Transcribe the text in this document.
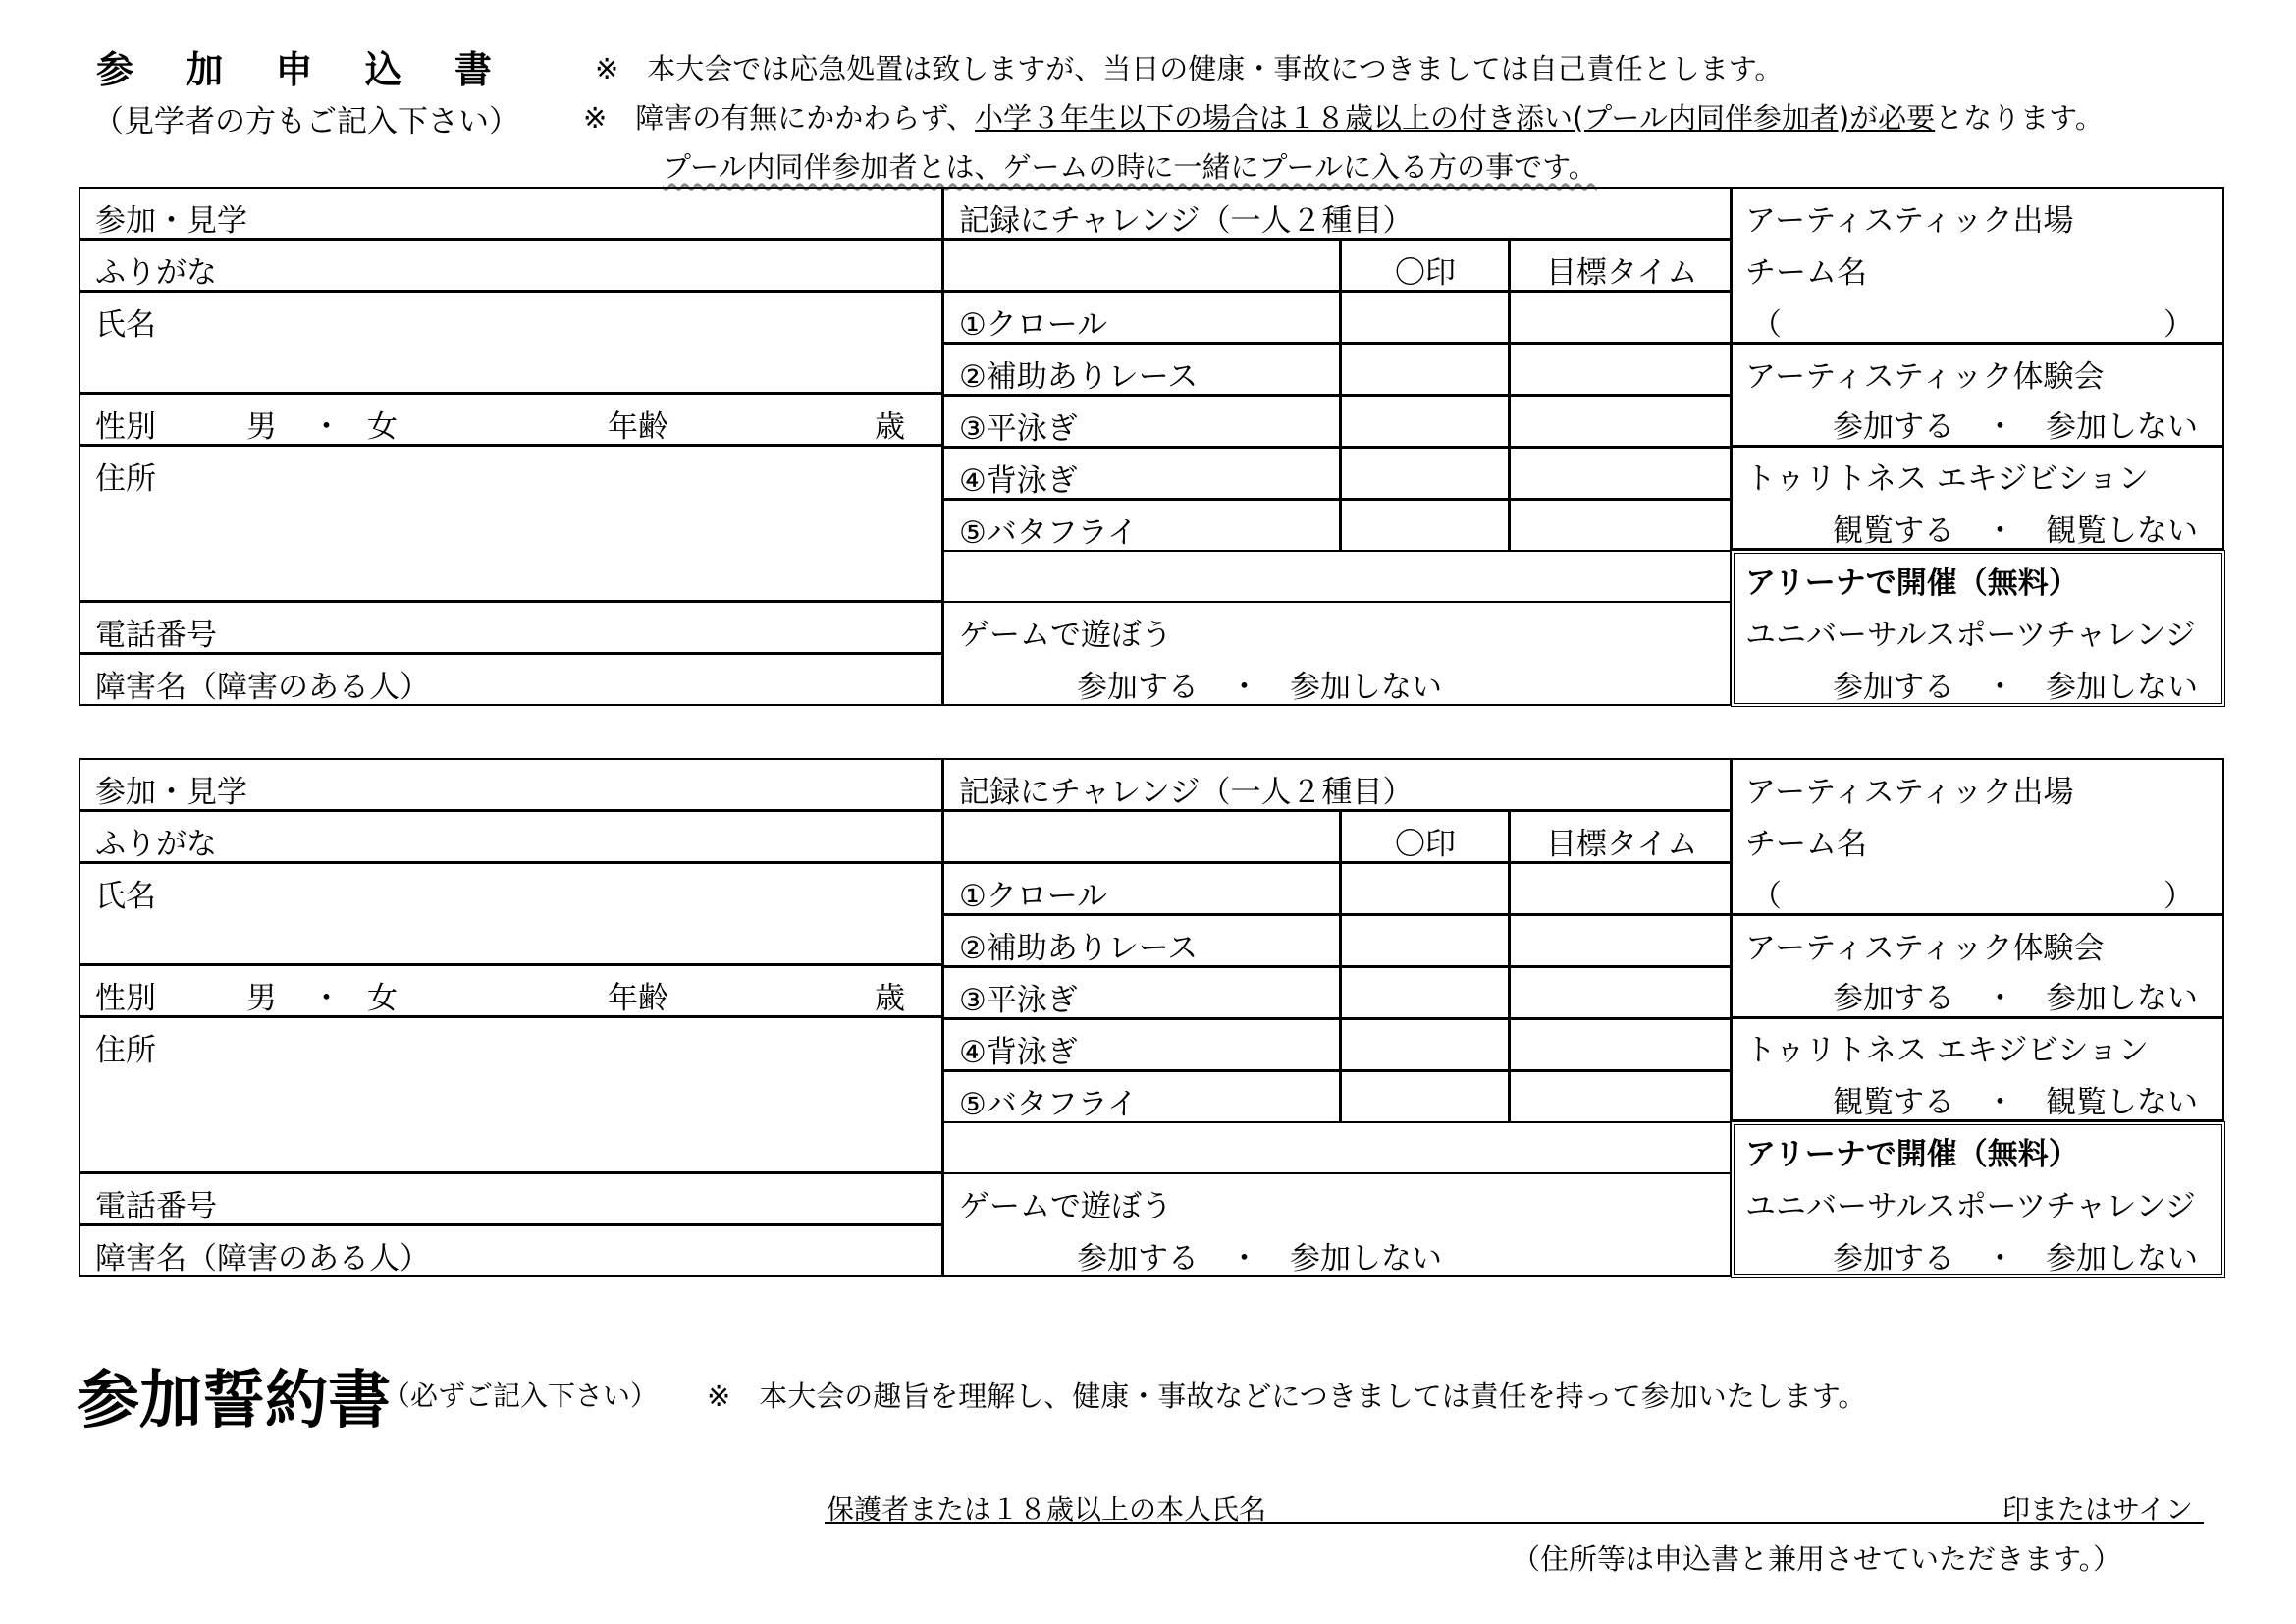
参 加 申 込 書
（見学者の方もご記入下さい）
※　本大会では応急処置は致しますが、当日の健康・事故につきましては自己責任とします。
※　障害の有無にかかわらず、小学３年生以下の場合は１８歳以上の付き添い(プール内同伴参加者)が必要となります。
プール内同伴参加者とは、ゲームの時に一緒にプールに入る方の事です。
参加・見学
ふりがな
氏名
性別	男 ・ 女	年齢	歳
住所
電話番号
障害名（障害のある人）
記録にチャレンジ（一人２種目）
〇印	目標タイム
①クロール
②補助ありレース
③平泳ぎ
④背泳ぎ
⑤バタフライ
ゲームで遊ぼう
参加する　・　参加しない
アーティスティック出場
チーム名
（	）
アーティスティック体験会
参加する　・　参加しない
トゥリトネス エキジビション
観覧する　・　観覧しない
アリーナで開催（無料）
ユニバーサルスポーツチャレンジ
参加する　・　参加しない
参加・見学
ふりがな
氏名
性別	男 ・ 女	年齢	歳
住所
電話番号
障害名（障害のある人）
記録にチャレンジ（一人２種目）
〇印	目標タイム
①クロール
②補助ありレース
③平泳ぎ
④背泳ぎ
⑤バタフライ
ゲームで遊ぼう
参加する　・　参加しない
アーティスティック出場
チーム名
（	）
アーティスティック体験会
参加する　・　参加しない
トゥリトネス エキジビション
観覧する　・　観覧しない
アリーナで開催（無料）
ユニバーサルスポーツチャレンジ
参加する　・　参加しない
参加誓約書
（必ずご記入下さい） ※　本大会の趣旨を理解し、健康・事故などにつきましては責任を持って参加いたします。
保護者または１８歳以上の本人氏名	印またはサイン
（住所等は申込書と兼用させていただきます。）
